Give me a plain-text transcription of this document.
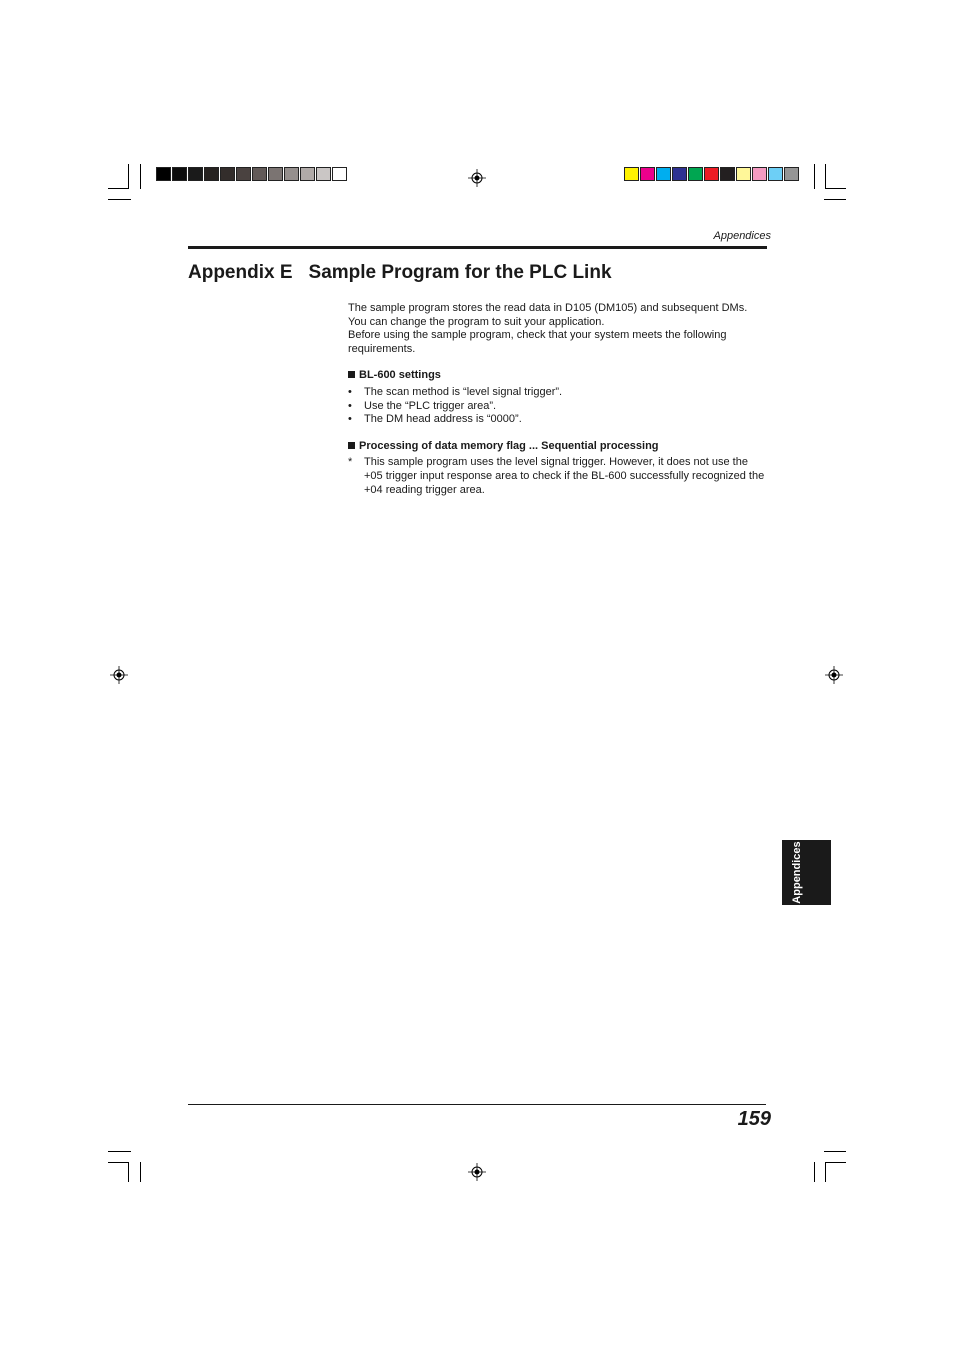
Appendices
Appendix E Sample Program for the PLC Link

The sample program stores the read data in D105 (DM105) and subsequent DMs.

You can change the program to suit your application.

Before using the sample program, check that your system meets the following requirements.

BL-600 settings
• The scan method is “level signal trigger”.
• Use the “PLC trigger area”.
• The DM head address is “0000”.
Processing of data memory flag ... Sequential processing
* This sample program uses the level signal trigger. However, it does not use the +05 trigger input response area to check if the BL-600 successfully recognized the +04 reading trigger area.
Appendices
159
